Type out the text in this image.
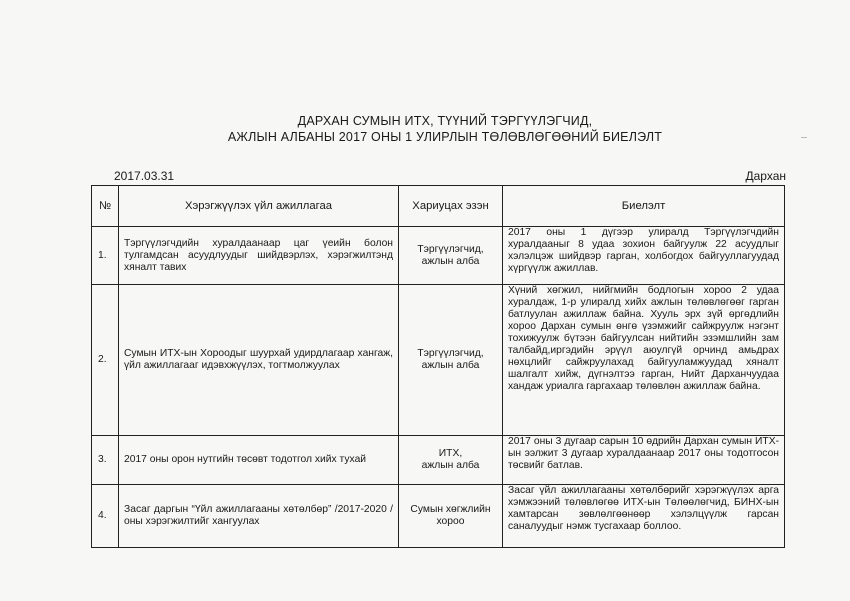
ДАРХАН СУМЫН ИТХ, ТҮҮНИЙ ТЭРГҮҮЛЭГЧИД,
АЖЛЫН АЛБАНЫ 2017 ОНЫ 1 УЛИРЛЫН ТӨЛӨВЛӨГӨӨНИЙ БИЕЛЭЛТ
2017.03.31	Дархан
№	Хэрэгжүүлэх үйл ажиллагаа	Хариуцах эзэн	Биелэлт
1.	Тэргүүлэгчдийн хуралдаанаар цаг үеийн болон тулгамдсан асуудлуудыг шийдвэрлэх, хэрэгжилтэнд хяналт тавих	Тэргүүлэгчид,
ажлын алба	2017 оны 1 дүгээр улиралд Тэргүүлэгчдийн хуралдааныг 8 удаа зохион байгуулж 22 асуудлыг хэлэлцэж шийдвэр гарган, холбогдох байгууллагуудад хүргүүлж ажиллав.
2.	Сумын ИТХ-ын Хороодыг шуурхай удирдлагаар хангаж, үйл ажиллагааг идэвхжүүлэх, тогтмолжуулах	Тэргүүлэгчид,
ажлын алба	Хүний хөгжил, нийгмийн бодлогын хороо 2 удаа хуралдаж, 1-р улиралд хийх ажлын төлөвлөгөөг гарган батлуулан ажиллаж байна. Хууль эрх зүй өргөдлийн хороо Дархан сумын өнгө үзэмжийг сайжруулж нэгэнт тохижуулж бүтээн байгуулсан нийтийн эзэмшлийн зам талбайд,иргэдийн эрүүл аюулгүй орчинд амьдрах нөхцлийг сайжруулахад байгууламжуудад хяналт шалгалт хийж, дүгнэлтээ гарган, Нийт Дарханчуудаа хандаж уриалга гаргахаар төлөвлөн ажиллаж байна.
3.	2017 оны орон нутгийн төсөвт тодотгол хийх тухай	ИТХ,
ажлын алба	2017 оны 3 дугаар сарын 10 өдрийн Дархан сумын ИТХ-ын ээлжит 3 дугаар хуралдаанаар 2017 оны тодотгосон төсвийг батлав.
4.	Засаг даргын “Үйл ажиллагааны хөтөлбөр” /2017-2020 / оны хэрэгжилтийг хангуулах	Сумын хөгжлийн
хороо	Засаг үйл ажиллагааны хөтөлбөрийг хэрэгжүүлэх арга хэмжээний төлөвлөгөө ИТХ-ын Төлөөлөгчид, БИНХ-ын хамтарсан зөвлөлгөөнөөр хэлэлцүүлж гарсан саналуудыг нэмж тусгахаар боллоо.
